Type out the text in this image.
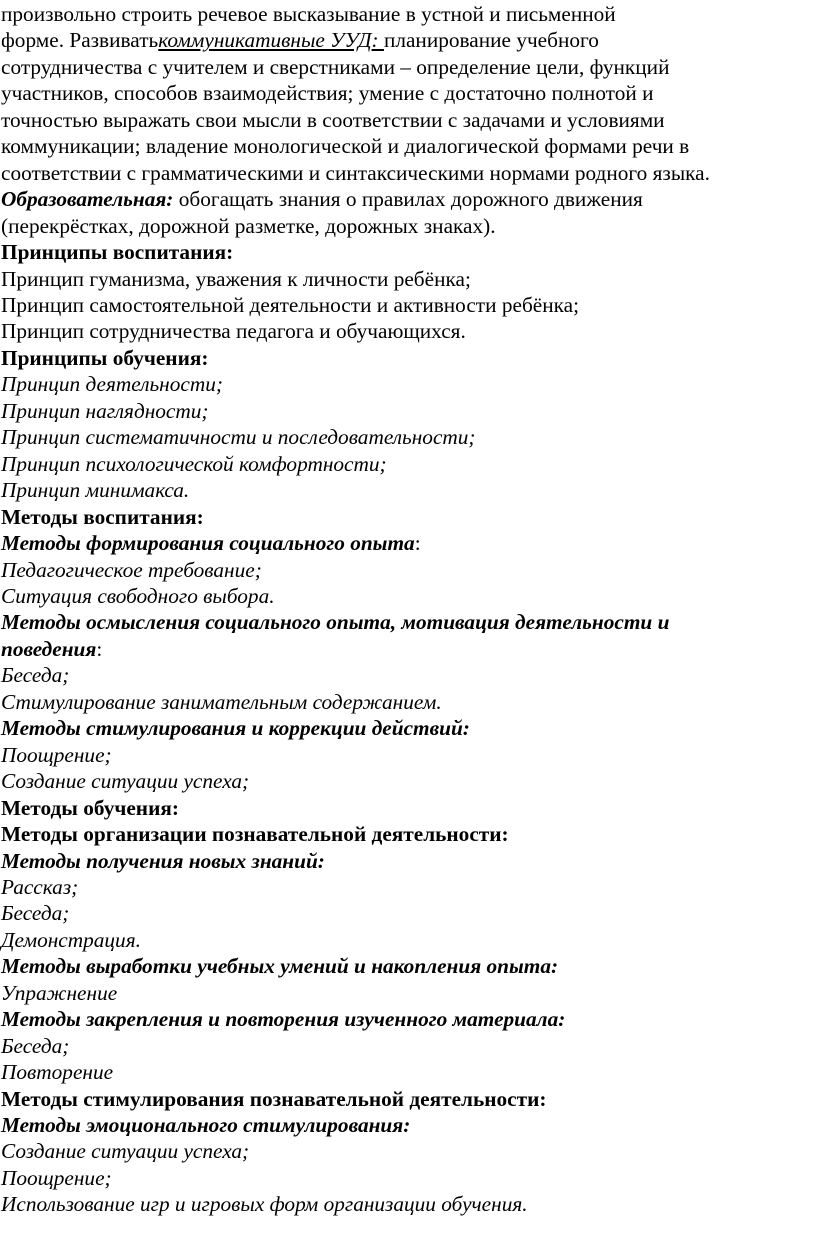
произвольно строить речевое высказывание в устной и письменной
форме. Развиватькоммуникативные УУД: планирование учебного
сотрудничества с учителем и сверстниками – определение цели, функций
участников, способов взаимодействия; умение с достаточно полнотой и
точностью выражать свои мысли в соответствии с задачами и условиями
коммуникации; владение монологической и диалогической формами речи в
соответствии с грамматическими и синтаксическими нормами родного языка.
Образовательная: обогащать знания о правилах дорожного движения
(перекрёстках, дорожной разметке, дорожных знаках).
Принципы воспитания:
Принцип гуманизма, уважения к личности ребёнка;
Принцип самостоятельной деятельности и активности ребёнка;
Принцип сотрудничества педагога и обучающихся.
Принципы обучения:
Принцип деятельности;
Принцип наглядности;
Принцип систематичности и последовательности;
Принцип психологической комфортности;
Принцип минимакса.
Методы воспитания:
Методы формирования социального опыта:
Педагогическое требование;
Ситуация свободного выбора.
Методы осмысления социального опыта, мотивация деятельности и
поведения:
Беседа;
Стимулирование занимательным содержанием.
Методы стимулирования и коррекции действий:
Поощрение;
Создание ситуации успеха;
Методы обучения:
Методы организации познавательной деятельности:
Методы получения новых знаний:
Рассказ;
Беседа;
Демонстрация.
Методы выработки учебных умений и накопления опыта:
Упражнение
Методы закрепления и повторения изученного материала:
Беседа;
Повторение
Методы стимулирования познавательной деятельности:
Методы эмоционального стимулирования:
Создание ситуации успеха;
Поощрение;
Использование игр и игровых форм организации обучения.
